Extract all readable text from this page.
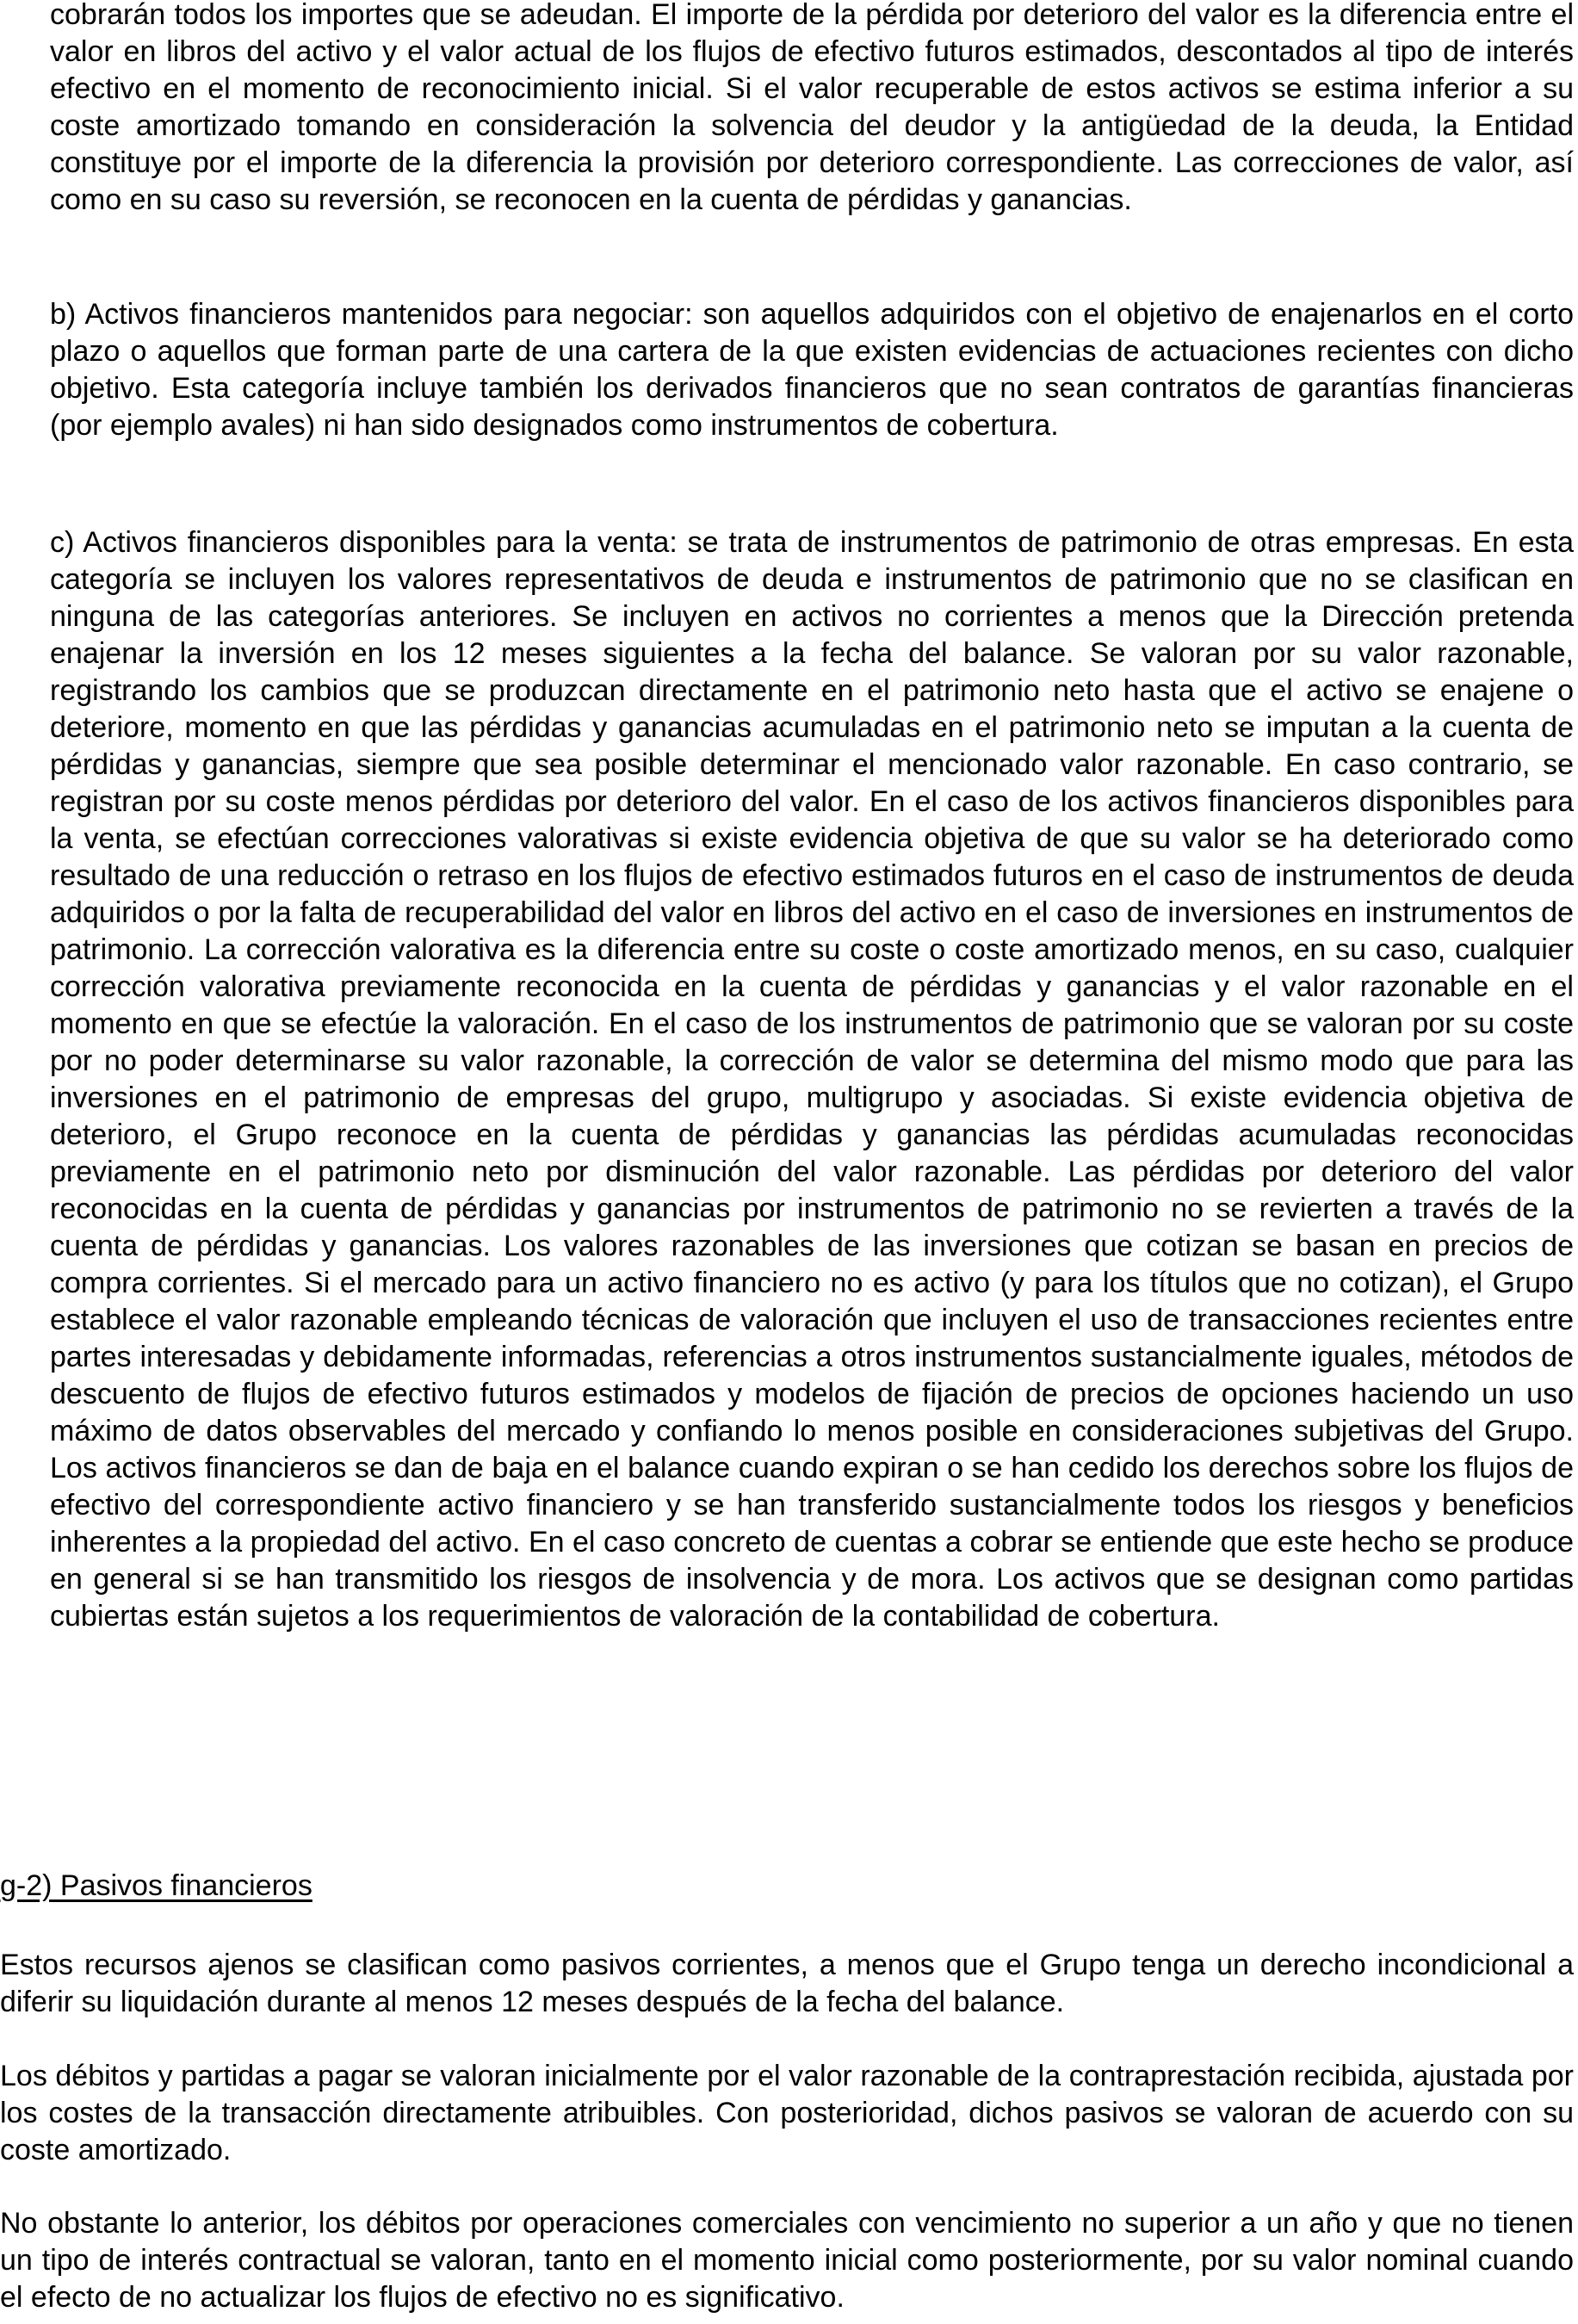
cobrarán todos los importes que se adeudan. El importe de la pérdida por deterioro del valor es la diferencia entre el valor en libros del activo y el valor actual de los flujos de efectivo futuros estimados, descontados al tipo de interés efectivo en el momento de reconocimiento inicial. Si el valor recuperable de estos activos se estima inferior a su coste amortizado tomando en consideración la solvencia del deudor y la antigüedad de la deuda, la Entidad constituye por el importe de la diferencia la provisión por deterioro correspondiente. Las correcciones de valor, así como en su caso su reversión, se reconocen en la cuenta de pérdidas y ganancias.

b) Activos financieros mantenidos para negociar: son aquellos adquiridos con el objetivo de enajenarlos en el corto plazo o aquellos que forman parte de una cartera de la que existen evidencias de actuaciones recientes con dicho objetivo. Esta categoría incluye también los derivados financieros que no sean contratos de garantías financieras (por ejemplo avales) ni han sido designados como instrumentos de cobertura.

c) Activos financieros disponibles para la venta: se trata de instrumentos de patrimonio de otras empresas. En esta categoría se incluyen los valores representativos de deuda e instrumentos de patrimonio que no se clasifican en ninguna de las categorías anteriores. Se incluyen en activos no corrientes a menos que la Dirección pretenda enajenar la inversión en los 12 meses siguientes a la fecha del balance. Se valoran por su valor razonable, registrando los cambios que se produzcan directamente en el patrimonio neto hasta que el activo se enajene o deteriore, momento en que las pérdidas y ganancias acumuladas en el patrimonio neto se imputan a la cuenta de pérdidas y ganancias, siempre que sea posible determinar el mencionado valor razonable. En caso contrario, se registran por su coste menos pérdidas por deterioro del valor. En el caso de los activos financieros disponibles para la venta, se efectúan correcciones valorativas si existe evidencia objetiva de que su valor se ha deteriorado como resultado de una reducción o retraso en los flujos de efectivo estimados futuros en el caso de instrumentos de deuda adquiridos o por la falta de recuperabilidad del valor en libros del activo en el caso de inversiones en instrumentos de patrimonio. La corrección valorativa es la diferencia entre su coste o coste amortizado menos, en su caso, cualquier corrección valorativa previamente reconocida en la cuenta de pérdidas y ganancias y el valor razonable en el momento en que se efectúe la valoración. En el caso de los instrumentos de patrimonio que se valoran por su coste por no poder determinarse su valor razonable, la corrección de valor se determina del mismo modo que para las inversiones en el patrimonio de empresas del grupo, multigrupo y asociadas. Si existe evidencia objetiva de deterioro, el Grupo reconoce en la cuenta de pérdidas y ganancias las pérdidas acumuladas reconocidas previamente en el patrimonio neto por disminución del valor razonable. Las pérdidas por deterioro del valor reconocidas en la cuenta de pérdidas y ganancias por instrumentos de patrimonio no se revierten a través de la cuenta de pérdidas y ganancias. Los valores razonables de las inversiones que cotizan se basan en precios de compra corrientes. Si el mercado para un activo financiero no es activo (y para los títulos que no cotizan), el Grupo establece el valor razonable empleando técnicas de valoración que incluyen el uso de transacciones recientes entre partes interesadas y debidamente informadas, referencias a otros instrumentos sustancialmente iguales, métodos de descuento de flujos de efectivo futuros estimados y modelos de fijación de precios de opciones haciendo un uso máximo de datos observables del mercado y confiando lo menos posible en consideraciones subjetivas del Grupo. Los activos financieros se dan de baja en el balance cuando expiran o se han cedido los derechos sobre los flujos de efectivo del correspondiente activo financiero y se han transferido sustancialmente todos los riesgos y beneficios inherentes a la propiedad del activo. En el caso concreto de cuentas a cobrar se entiende que este hecho se produce en general si se han transmitido los riesgos de insolvencia y de mora. Los activos que se designan como partidas cubiertas están sujetos a los requerimientos de valoración de la contabilidad de cobertura.

g-2) Pasivos financieros

Estos recursos ajenos se clasifican como pasivos corrientes, a menos que el Grupo tenga un derecho incondicional a diferir su liquidación durante al menos 12 meses después de la fecha del balance.

Los débitos y partidas a pagar se valoran inicialmente por el valor razonable de la contraprestación recibida, ajustada por los costes de la transacción directamente atribuibles. Con posterioridad, dichos pasivos se valoran de acuerdo con su coste amortizado.

No obstante lo anterior, los débitos por operaciones comerciales con vencimiento no superior a un año y que no tienen un tipo de interés contractual se valoran, tanto en el momento inicial como posteriormente, por su valor nominal cuando el efecto de no actualizar los flujos de efectivo no es significativo.
